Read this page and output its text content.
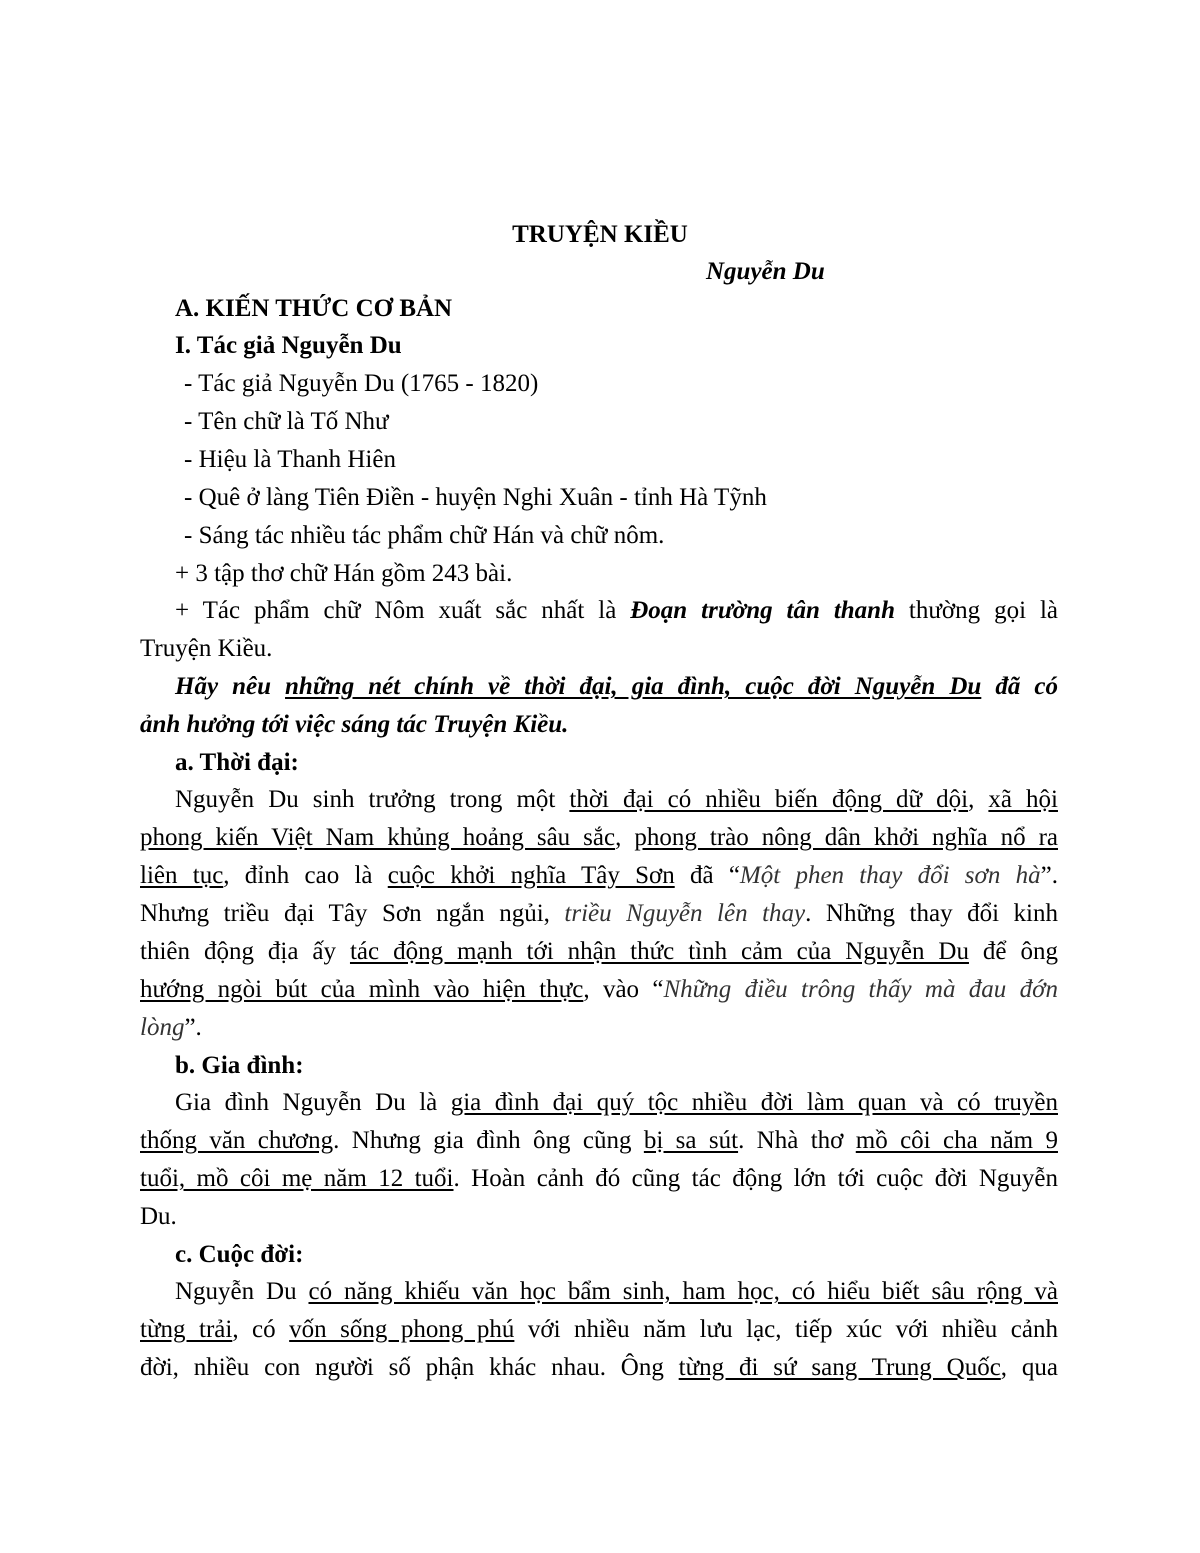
TRUYỆN KIỀU
Nguyễn Du
A. KIẾN THỨC CƠ BẢN
I. Tác giả Nguyễn Du
- Tác giả Nguyễn Du (1765 - 1820)
- Tên chữ là Tố Như
- Hiệu là Thanh Hiên
- Quê ở làng Tiên Điền - huyện Nghi Xuân - tỉnh Hà Tỹnh
- Sáng tác nhiều tác phẩm chữ Hán và chữ nôm.
+ 3 tập thơ chữ Hán gồm 243 bài.
+ Tác phẩm chữ Nôm xuất sắc nhất là Đoạn trường tân thanh thường gọi là
Truyện Kiều.
Hãy nêu những nét chính về thời đại, gia đình, cuộc đời Nguyễn Du đã có
ảnh hưởng tới việc sáng tác Truyện Kiều.
a. Thời đại:
Nguyễn Du sinh trưởng trong một thời đại có nhiều biến động dữ dội, xã hội
phong kiến Việt Nam khủng hoảng sâu sắc, phong trào nông dân khởi nghĩa nổ ra
liên tục, đỉnh cao là cuộc khởi nghĩa Tây Sơn đã “Một phen thay đổi sơn hà”.
Nhưng triều đại Tây Sơn ngắn ngủi, triều Nguyễn lên thay. Những thay đổi kinh
thiên động địa ấy tác động mạnh tới nhận thức tình cảm của Nguyễn Du để ông
hướng ngòi bút của mình vào hiện thực, vào “Những điều trông thấy mà đau đớn
lòng”.
b. Gia đình:
Gia đình Nguyễn Du là gia đình đại quý tộc nhiều đời làm quan và có truyền
thống văn chương. Nhưng gia đình ông cũng bị sa sút. Nhà thơ mồ côi cha năm 9
tuổi, mồ côi mẹ năm 12 tuổi. Hoàn cảnh đó cũng tác động lớn tới cuộc đời Nguyễn
Du.
c. Cuộc đời:
Nguyễn Du có năng khiếu văn học bẩm sinh, ham học, có hiểu biết sâu rộng và
từng trải, có vốn sống phong phú với nhiều năm lưu lạc, tiếp xúc với nhiều cảnh
đời, nhiều con người số phận khác nhau. Ông từng đi sứ sang Trung Quốc, qua
